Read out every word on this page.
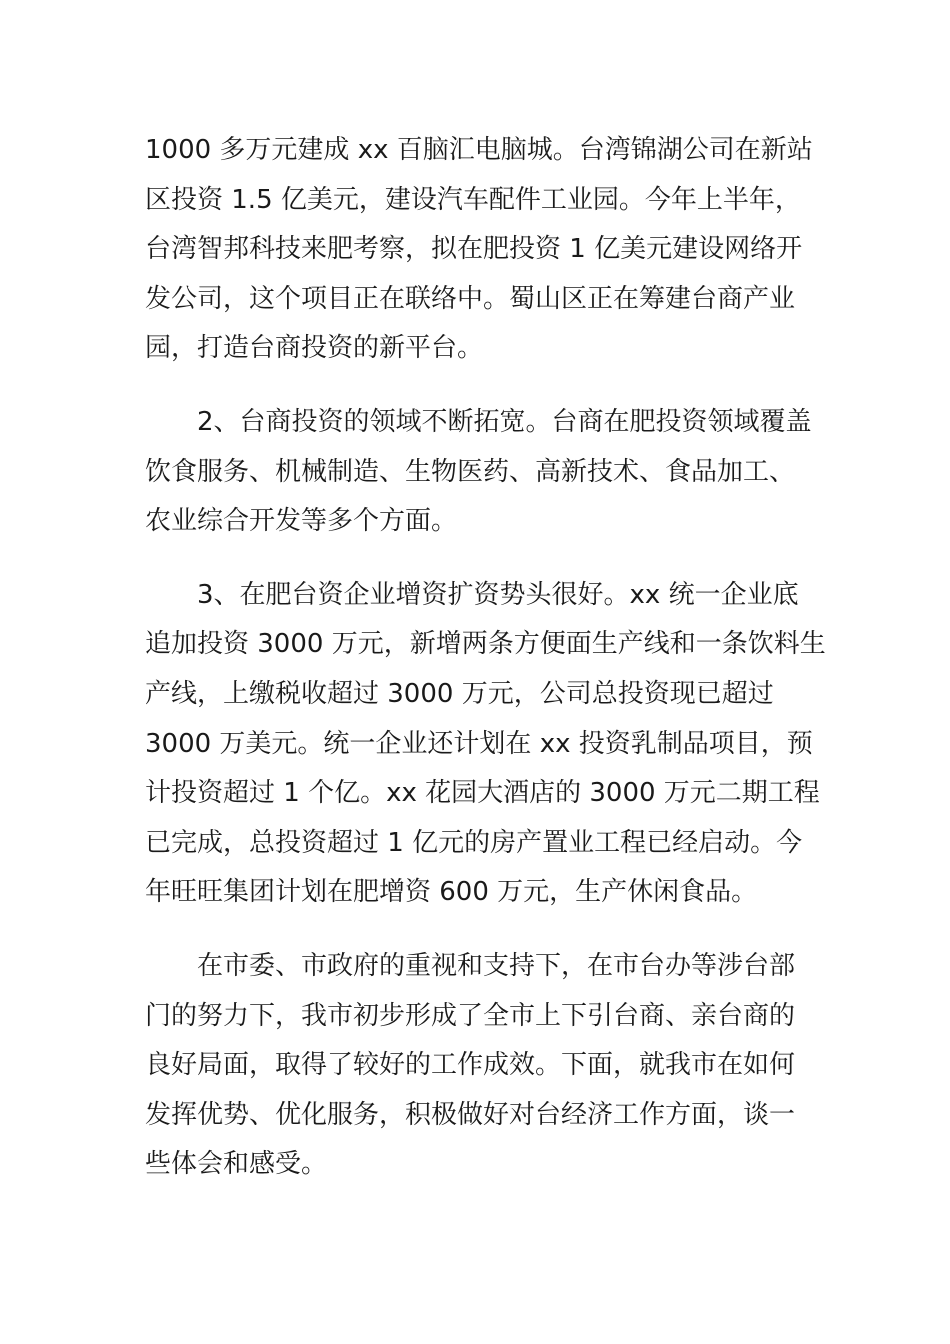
1000 多万元建成 xx 百脑汇电脑城。台湾锦湖公司在新站
区投资 1.5 亿美元，建设汽车配件工业园。今年上半年，
台湾智邦科技来肥考察，拟在肥投资 1 亿美元建设网络开
发公司，这个项目正在联络中。蜀山区正在筹建台商产业
园，打造台商投资的新平台。
2、台商投资的领域不断拓宽。台商在肥投资领域覆盖
饮食服务、机械制造、生物医药、高新技术、食品加工、
农业综合开发等多个方面。
3、在肥台资企业增资扩资势头很好。xx 统一企业底
追加投资 3000 万元，新增两条方便面生产线和一条饮料生
产线，上缴税收超过 3000 万元，公司总投资现已超过
3000 万美元。统一企业还计划在 xx 投资乳制品项目，预
计投资超过 1 个亿。xx 花园大酒店的 3000 万元二期工程
已完成，总投资超过 1 亿元的房产置业工程已经启动。今
年旺旺集团计划在肥增资 600 万元，生产休闲食品。
在市委、市政府的重视和支持下，在市台办等涉台部
门的努力下，我市初步形成了全市上下引台商、亲台商的
良好局面，取得了较好的工作成效。下面，就我市在如何
发挥优势、优化服务，积极做好对台经济工作方面，谈一
些体会和感受。
